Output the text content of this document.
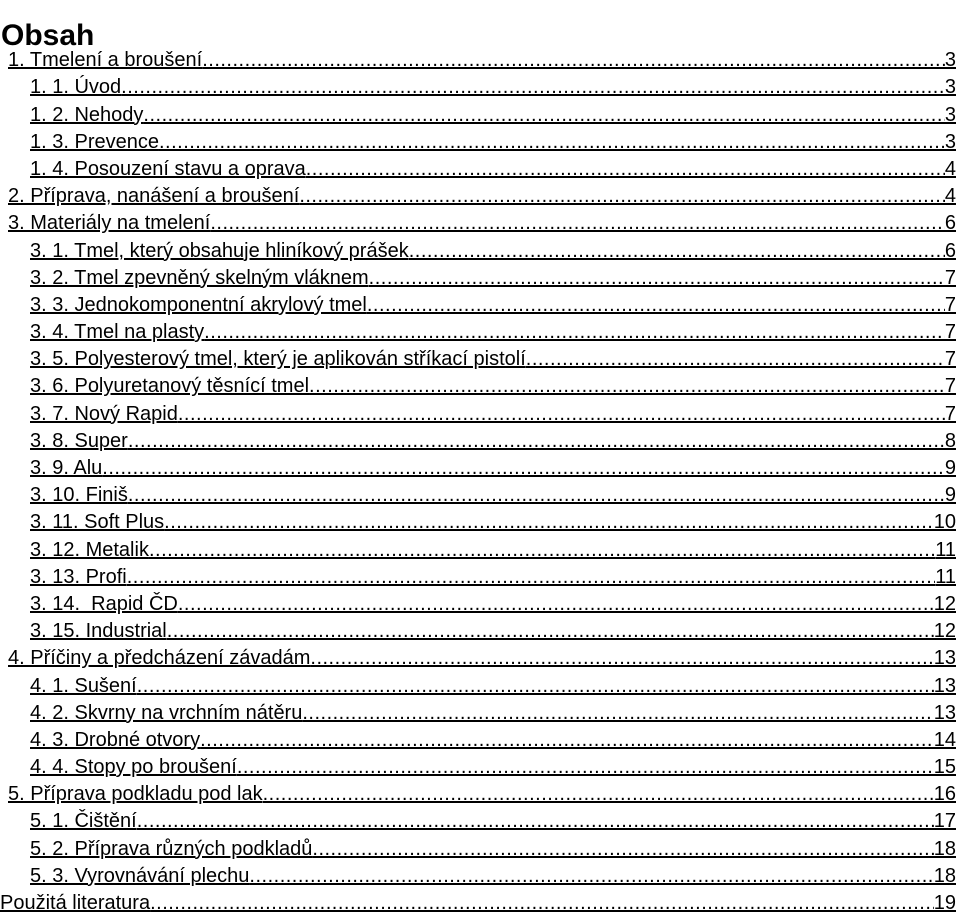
Obsah
1. Tmelení a broušení .....	3
1. 1. Úvod .....	3
1. 2. Nehody .....	3
1. 3. Prevence .....	3
1. 4. Posouzení stavu a oprava .....	4
2. Příprava, nanášení a broušení .....	4
3. Materiály na tmelení .....	6
3. 1. Tmel, který obsahuje hliníkový prášek .....	6
3. 2. Tmel zpevněný skelným vláknem .....	7
3. 3. Jednokomponentní akrylový tmel .....	7
3. 4. Tmel na plasty .....	7
3. 5. Polyesterový tmel, který je aplikován stříkací pistolí .....	7
3. 6. Polyuretanový těsnící tmel .....	7
3. 7. Nový Rapid .....	7
3. 8. Super .....	8
3. 9. Alu .....	9
3. 10. Finiš .....	9
3. 11. Soft Plus .....	10
3. 12. Metalik .....	11
3. 13. Profi .....	11
3. 14.  Rapid ČD .....	12
3. 15. Industrial .....	12
4. Příčiny a předcházení závadám .....	13
4. 1. Sušení .....	13
4. 2. Skvrny na vrchním nátěru .....	13
4. 3. Drobné otvory .....	14
4. 4. Stopy po broušení .....	15
5. Příprava podkladu pod lak .....	16
5. 1. Čištění .....	17
5. 2. Příprava různých podkladů .....	18
5. 3. Vyrovnávání plechu .....	18
Použitá literatura .....	19
